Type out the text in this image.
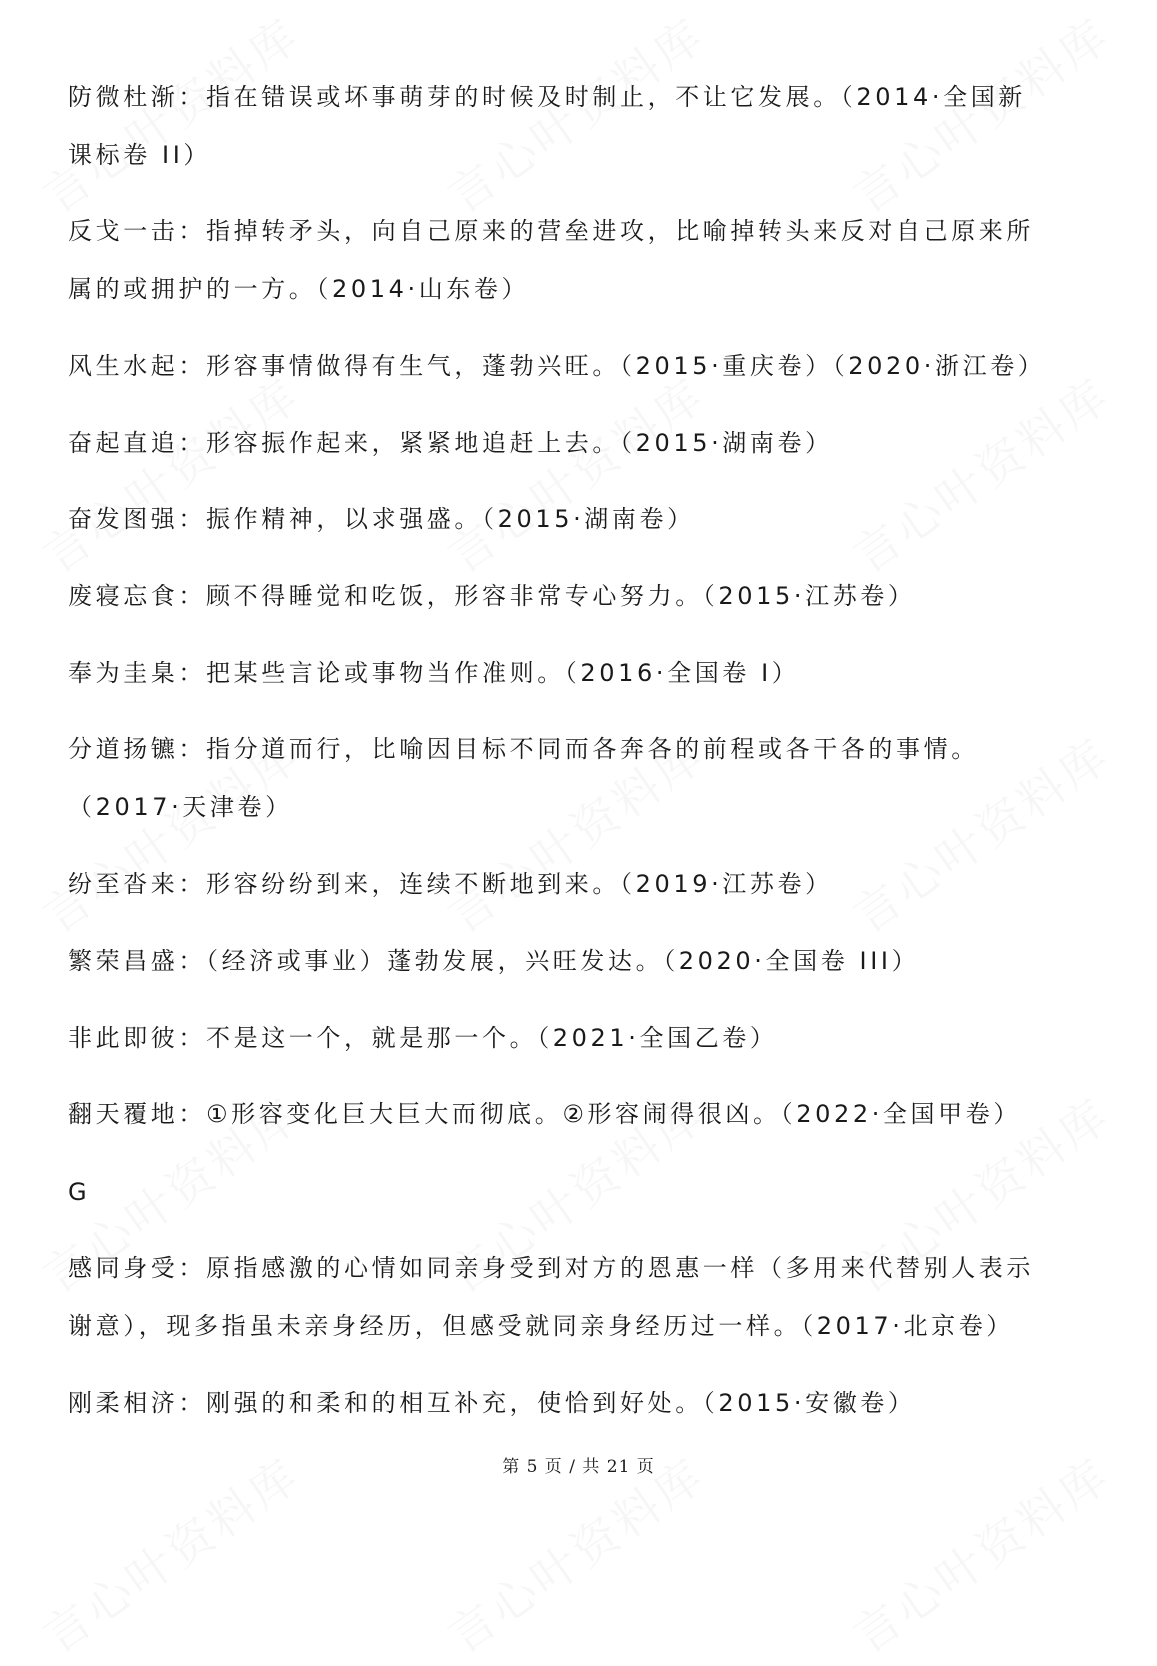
防微杜渐：指在错误或坏事萌芽的时候及时制止，不让它发展。（2014·全国新
课标卷 II）
反戈一击：指掉转矛头，向自己原来的营垒进攻，比喻掉转头来反对自己原来所
属的或拥护的一方。（2014·山东卷）
风生水起：形容事情做得有生气，蓬勃兴旺。（2015·重庆卷）（2020·浙江卷）
奋起直追：形容振作起来，紧紧地追赶上去。（2015·湖南卷）
奋发图强：振作精神，以求强盛。（2015·湖南卷）
废寝忘食：顾不得睡觉和吃饭，形容非常专心努力。（2015·江苏卷）
奉为圭臬：把某些言论或事物当作准则。（2016·全国卷 I）
分道扬镳：指分道而行，比喻因目标不同而各奔各的前程或各干各的事情。
（2017·天津卷）
纷至沓来：形容纷纷到来，连续不断地到来。（2019·江苏卷）
繁荣昌盛：（经济或事业）蓬勃发展，兴旺发达。（2020·全国卷 III）
非此即彼：不是这一个，就是那一个。（2021·全国乙卷）
翻天覆地：①形容变化巨大巨大而彻底。②形容闹得很凶。（2022·全国甲卷）
G
感同身受：原指感激的心情如同亲身受到对方的恩惠一样（多用来代替别人表示
谢意），现多指虽未亲身经历，但感受就同亲身经历过一样。（2017·北京卷）
刚柔相济：刚强的和柔和的相互补充，使恰到好处。（2015·安徽卷）
第 5 页 / 共 21 页
